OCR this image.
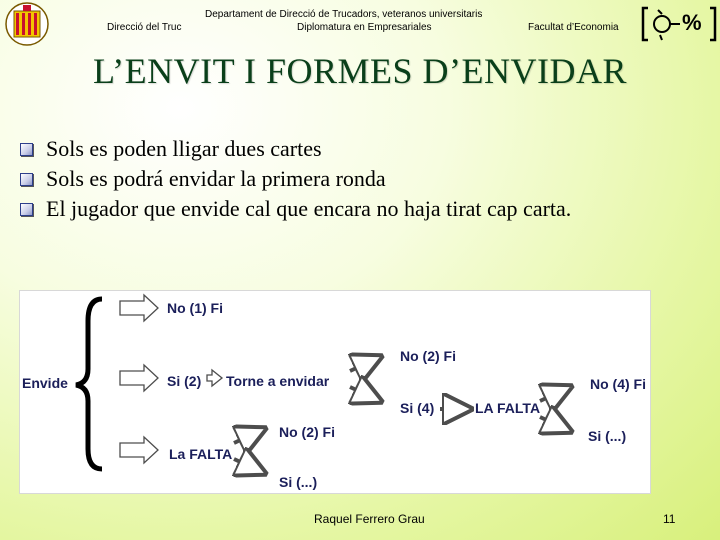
Direcció del Truc
Departament de Direcció de Trucadors, veteranos universitaris
Diplomatura en Empresariales	Facultat d’Economia	%
L’ENVIT I FORMES D’ENVIDAR
Sols es poden lligar dues cartes
Sols es podrá envidar la primera ronda
El jugador que envide cal que encara no haja tirat cap carta.
Envide
No (1) Fi
Si (2) Torne a envidar
No (2) Fi
Si (4)	LA FALTA
No (4) Fi
Si (...)
La FALTA
No (2) Fi
Si (...)
Raquel Ferrero Grau	11
